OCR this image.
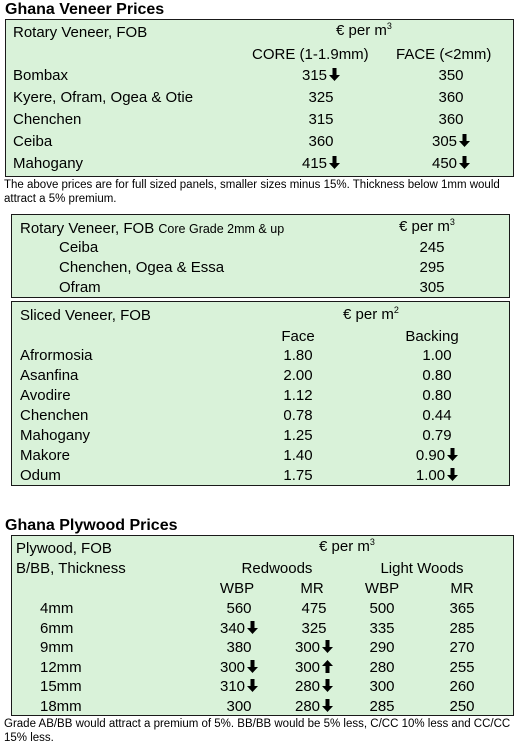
Ghana Veneer Prices
Rotary Veneer, FOB	€ per $m^3$
CORE (1-1.9mm) FACE (<2mm)
Bombax	315	350
Kyere, Ofram, Ogea & Otie	325	360
Chenchen	315	360
Ceiba	360	305
Mahogany	415	450
The above prices are for full sized panels, smaller sizes minus 15%. Thickness below 1mm would attract a 5% premium.
Rotary Veneer, FOB Core Grade 2mm & up	€ per $m^3$
Ceiba	245
Chenchen, Ogea & Essa	295
Ofram	305
Sliced Veneer, FOB	€ per $m^2$
Face	Backing
Afrormosia	1.80	1.00
Asanfina	2.00	0.80
Avodire	1.12	0.80
Chenchen	0.78	0.44
Mahogany	1.25	0.79
Makore	1.40	0.90
Odum	1.75	1.00
Ghana Plywood Prices
Plywood, FOB
B/BB, Thickness
€ per $m^3$
Redwoods	Light Woods
WBP	MR	WBP	MR
4mm	560	475	500	365
6mm	340	325	335	285
9mm	380	300	290	270
12mm	300	300	280	255
15mm	310	280	300	260
18mm	300	280	285	250
Grade AB/BB would attract a premium of 5%. BB/BB would be 5% less, C/CC 10% less and CC/CC 15% less.
